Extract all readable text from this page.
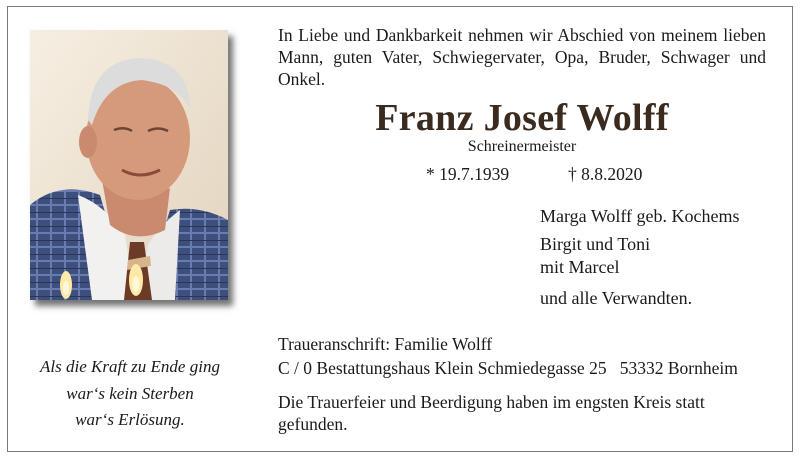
Als die Kraft zu Ende ging
war‘s kein Sterben
war‘s Erlösung.
In Liebe und Dankbarkeit nehmen wir Abschied von meinem lieben Mann, guten Vater, Schwiegervater, Opa, Bruder, Schwager und Onkel.
Franz Josef Wolff
Schreinermeister
* 19.7.1939	† 8.8.2020
Marga Wolff geb. Kochems
Birgit und Toni
mit Marcel
und alle Verwandten.
Traueranschrift: Familie Wolff
C / 0 Bestattungshaus Klein Schmiedegasse 25   53332 Bornheim
Die Trauerfeier und Beerdigung haben im engsten Kreis statt gefunden.
